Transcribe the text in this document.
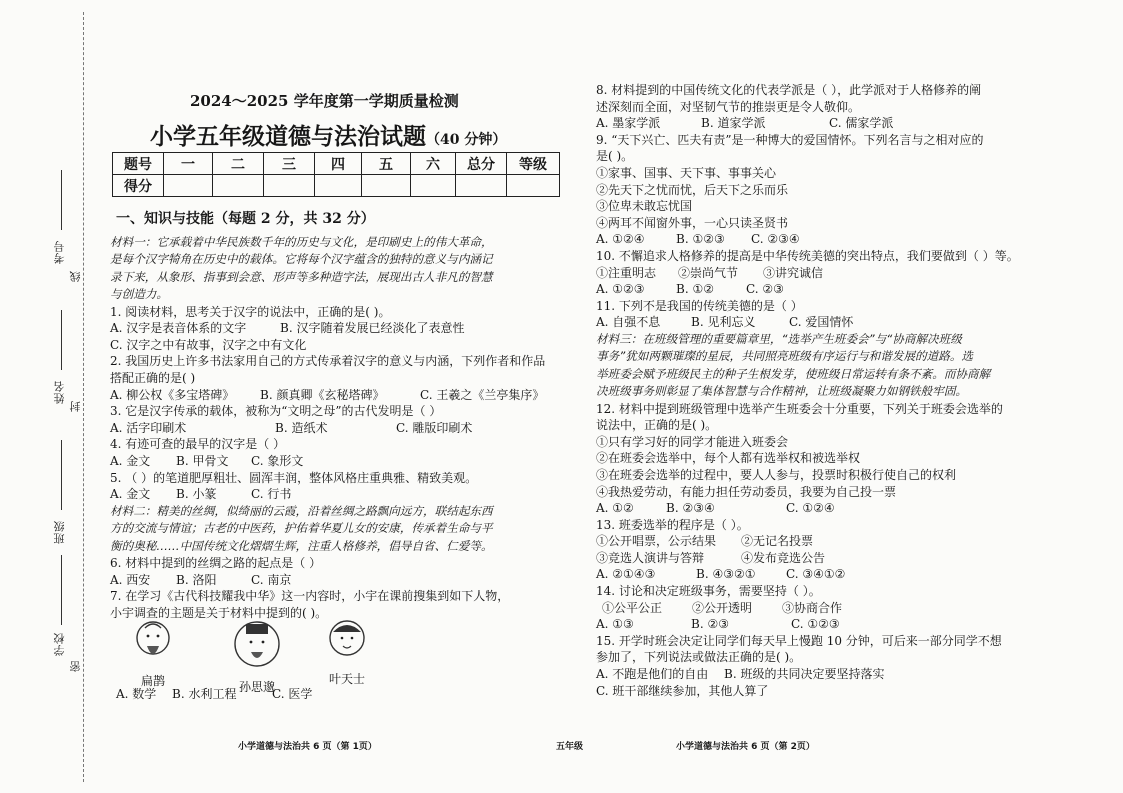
考号
线
姓名
封
班级
学校
密
2024～2025 学年度第一学期质量检测
小学五年级道德与法治试题（40 分钟）
题号	一	二	三	四	五	六	总分	等级
得分								
一、知识与技能（每题 2 分，共 32 分）
材料一：它承载着中华民族数千年的历史与文化，是印刷史上的伟大革命，
是每个汉字犄角在历史中的载体。它将每个汉字蕴含的独特的意义与内涵记
录下来，从象形、指事到会意、形声等多种造字法，展现出古人非凡的智慧
与创造力。
1. 阅读材料，思考关于汉字的说法中，正确的是( )。
A. 汉字是表音体系的文字	B. 汉字随着发展已经淡化了表意性
C. 汉字之中有故事，汉字之中有文化
2. 我国历史上许多书法家用自己的方式传承着汉字的意义与内涵，下列作者和作品
搭配正确的是( )
A. 柳公权《多宝塔碑》	B. 颜真卿《玄秘塔碑》	C. 王羲之《兰亭集序》
3. 它是汉字传承的载体，被称为“文明之母”的古代发明是（ ）
A. 活字印刷术	B. 造纸术	C. 雕版印刷术
4. 有迹可查的最早的汉字是（ ）
A. 金文	B. 甲骨文	C. 象形文
5. （ ）的笔道肥厚粗壮、圆浑丰润，整体风格庄重典雅、精致美观。
A. 金文	B. 小篆	C. 行书
材料二：精美的丝绸，似绮丽的云霞，沿着丝绸之路飘向远方，联结起东西
方的交流与情谊；古老的中医药，护佑着华夏儿女的安康，传承着生命与平
衡的奥秘……中国传统文化熠熠生辉，注重人格修养，倡导自省、仁爱等。
6. 材料中提到的丝绸之路的起点是（ ）
A. 西安	B. 洛阳	C. 南京
7. 在学习《古代科技耀我中华》这一内容时，小宇在课前搜集到如下人物，
小宇调查的主题是关于材料中提到的( )。
扁鹊	孙思邈
叶天士
A. 数学	B. 水利工程	C. 医学
8. 材料提到的中国传统文化的代表学派是（ ），此学派对于人格修养的阐
述深刻而全面，对坚韧气节的推崇更是令人敬仰。
A. 墨家学派	B. 道家学派	C. 儒家学派
9. “天下兴亡、匹夫有责”是一种博大的爱国情怀。下列名言与之相对应的
是( )。
①家事、国事、天下事、事事关心
②先天下之忧而忧，后天下之乐而乐
③位卑未敢忘忧国
④两耳不闻窗外事，一心只读圣贤书
A. ①②④	B. ①②③	C. ②③④
10. 不懈追求人格修养的提高是中华传统美德的突出特点，我们要做到（ ）等。
①注重明志	②崇尚气节	③讲究诚信
A. ①②③	B. ①②	C. ②③
11. 下列不是我国的传统美德的是（ ）
A. 自强不息	B. 见利忘义	C. 爱国情怀
材料三：在班级管理的重要篇章里，“选举产生班委会”与“协商解决班级
事务”犹如两颗璀璨的星辰，共同照亮班级有序运行与和谐发展的道路。选
举班委会赋予班级民主的种子生根发芽，使班级日常运转有条不紊。而协商解
决班级事务则彰显了集体智慧与合作精神，让班级凝聚力如钢铁般牢固。
12. 材料中提到班级管理中选举产生班委会十分重要，下列关于班委会选举的
说法中，正确的是( )。
①只有学习好的同学才能进入班委会
②在班委会选举中，每个人都有选举权和被选举权
③在班委会选举的过程中，要人人参与，投票时积极行使自己的权利
④我热爱劳动，有能力担任劳动委员，我要为自己投一票
A. ①②	B. ②③④	C. ①②④
13. 班委选举的程序是（ ）。
①公开唱票，公示结果	②无记名投票
③竞选人演讲与答辩	④发布竞选公告
A. ②①④③	B. ④③②①	C. ③④①②
14. 讨论和决定班级事务，需要坚持（ ）。
①公平公正	②公开透明	③协商合作
A. ①③	B. ②③	C. ①②③
15. 开学时班会决定让同学们每天早上慢跑 10 分钟，可后来一部分同学不想
参加了，下列说法或做法正确的是( )。
A. 不跑是他们的自由	B. 班级的共同决定要坚持落实
C. 班干部继续参加，其他人算了
小学道德与法治共 6 页（第 1页）	五年级	小学道德与法治共 6 页（第 2页）
